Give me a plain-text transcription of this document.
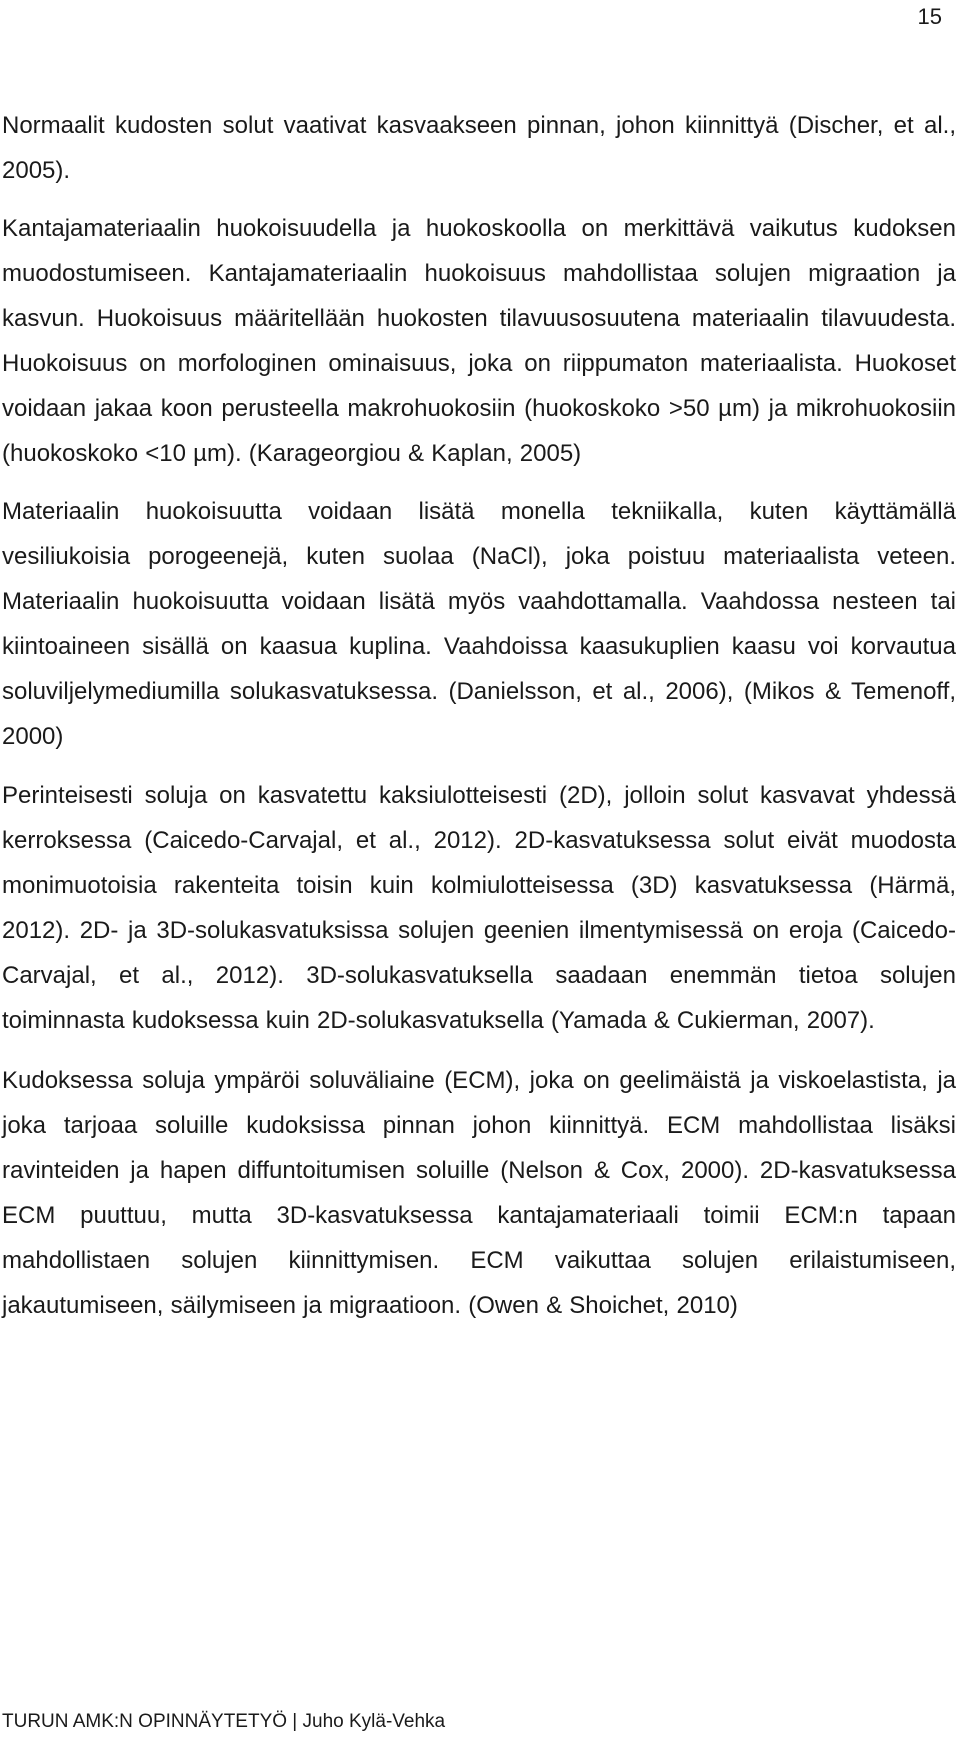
15

Normaalit kudosten solut vaativat kasvaakseen pinnan, johon kiinnittyä (Discher, et al., 2005).

Kantajamateriaalin huokoisuudella ja huokoskoolla on merkittävä vaikutus kudoksen muodostumiseen. Kantajamateriaalin huokoisuus mahdollistaa solujen migraation ja kasvun. Huokoisuus määritellään huokosten tilavuusosuutena materiaalin tilavuudesta. Huokoisuus on morfologinen ominaisuus, joka on riippumaton materiaalista. Huokoset voidaan jakaa koon perusteella makrohuokosiin (huokoskoko >50 µm) ja mikrohuokosiin (huokoskoko <10 µm). (Karageorgiou & Kaplan, 2005)

Materiaalin huokoisuutta voidaan lisätä monella tekniikalla, kuten käyttämällä vesiliukoisia porogeenejä, kuten suolaa (NaCl), joka poistuu materiaalista veteen. Materiaalin huokoisuutta voidaan lisätä myös vaahdottamalla. Vaahdossa nesteen tai kiintoaineen sisällä on kaasua kuplina. Vaahdoissa kaasukuplien kaasu voi korvautua soluviljelymediumilla solukasvatuksessa. (Danielsson, et al., 2006), (Mikos & Temenoff, 2000)

Perinteisesti soluja on kasvatettu kaksiulotteisesti (2D), jolloin solut kasvavat yhdessä kerroksessa (Caicedo-Carvajal, et al., 2012). 2D-kasvatuksessa solut eivät muodosta monimuotoisia rakenteita toisin kuin kolmiulotteisessa (3D) kasvatuksessa (Härmä, 2012). 2D- ja 3D-solukasvatuksissa solujen geenien ilmentymisessä on eroja (Caicedo-Carvajal, et al., 2012). 3D-solukasvatuksella saadaan enemmän tietoa solujen toiminnasta kudoksessa kuin 2D-solukasvatuksella (Yamada & Cukierman, 2007).

Kudoksessa soluja ympäröi soluväliaine (ECM), joka on geelimäistä ja viskoelastista, ja joka tarjoaa soluille kudoksissa pinnan johon kiinnittyä. ECM mahdollistaa lisäksi ravinteiden ja hapen diffuntoitumisen soluille (Nelson & Cox, 2000). 2D-kasvatuksessa ECM puuttuu, mutta 3D-kasvatuksessa kantajamateriaali toimii ECM:n tapaan mahdollistaen solujen kiinnittymisen. ECM vaikuttaa solujen erilaistumiseen, jakautumiseen, säilymiseen ja migraatioon. (Owen & Shoichet, 2010)

TURUN AMK:N OPINNÄYTETYÖ | Juho Kylä-Vehka
